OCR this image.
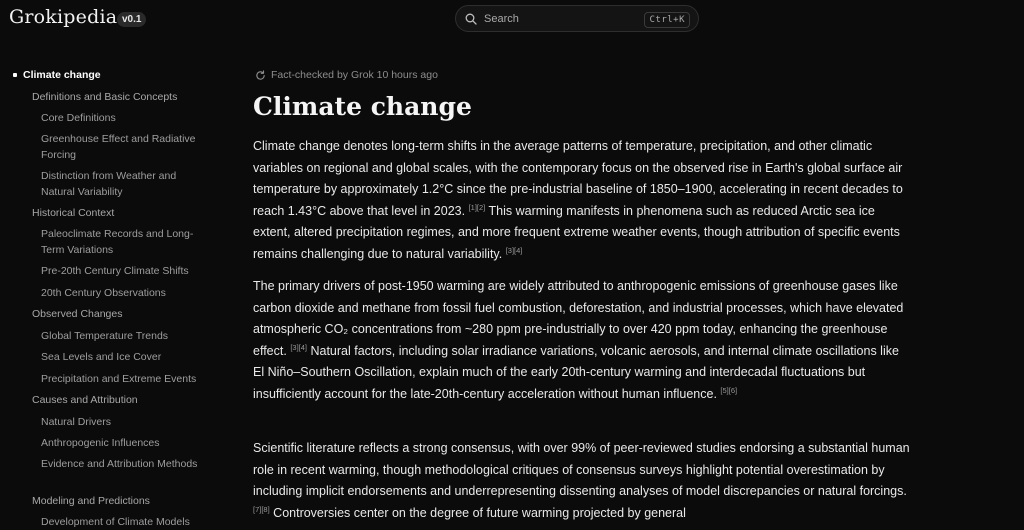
Grokipedia v0.1	Search	Ctrl+K
Climate change
Definitions and Basic Concepts
Core Definitions
Greenhouse Effect and Radiative Forcing
Distinction from Weather and Natural Variability
Historical Context
Paleoclimate Records and Long-Term Variations
Pre-20th Century Climate Shifts
20th Century Observations
Observed Changes
Global Temperature Trends
Sea Levels and Ice Cover
Precipitation and Extreme Events
Causes and Attribution
Natural Drivers
Anthropogenic Influences
Evidence and Attribution Methods
Modeling and Predictions
Development of Climate Models
Fact-checked by Grok 10 hours ago
Climate change

Climate change denotes long-term shifts in the average patterns of temperature, precipitation, and other climatic variables on regional and global scales, with the contemporary focus on the observed rise in Earth's global surface air temperature by approximately 1.2°C since the pre-industrial baseline of 1850–1900, accelerating in recent decades to reach 1.43°C above that level in 2023. [1][2] This warming manifests in phenomena such as reduced Arctic sea ice extent, altered precipitation regimes, and more frequent extreme weather events, though attribution of specific events remains challenging due to natural variability. [3][4]

The primary drivers of post-1950 warming are widely attributed to anthropogenic emissions of greenhouse gases like carbon dioxide and methane from fossil fuel combustion, deforestation, and industrial processes, which have elevated atmospheric CO₂ concentrations from ~280 ppm pre-industrially to over 420 ppm today, enhancing the greenhouse effect. [3][4] Natural factors, including solar irradiance variations, volcanic aerosols, and internal climate oscillations like El Niño–Southern Oscillation, explain much of the early 20th-century warming and interdecadal fluctuations but insufficiently account for the late-20th-century acceleration without human influence. [5][6]

Scientific literature reflects a strong consensus, with over 99% of peer-reviewed studies endorsing a substantial human role in recent warming, though methodological critiques of consensus surveys highlight potential overestimation by including implicit endorsements and underrepresenting dissenting analyses of model discrepancies or natural forcings. [7][8] Controversies center on the degree of future warming projected by general
